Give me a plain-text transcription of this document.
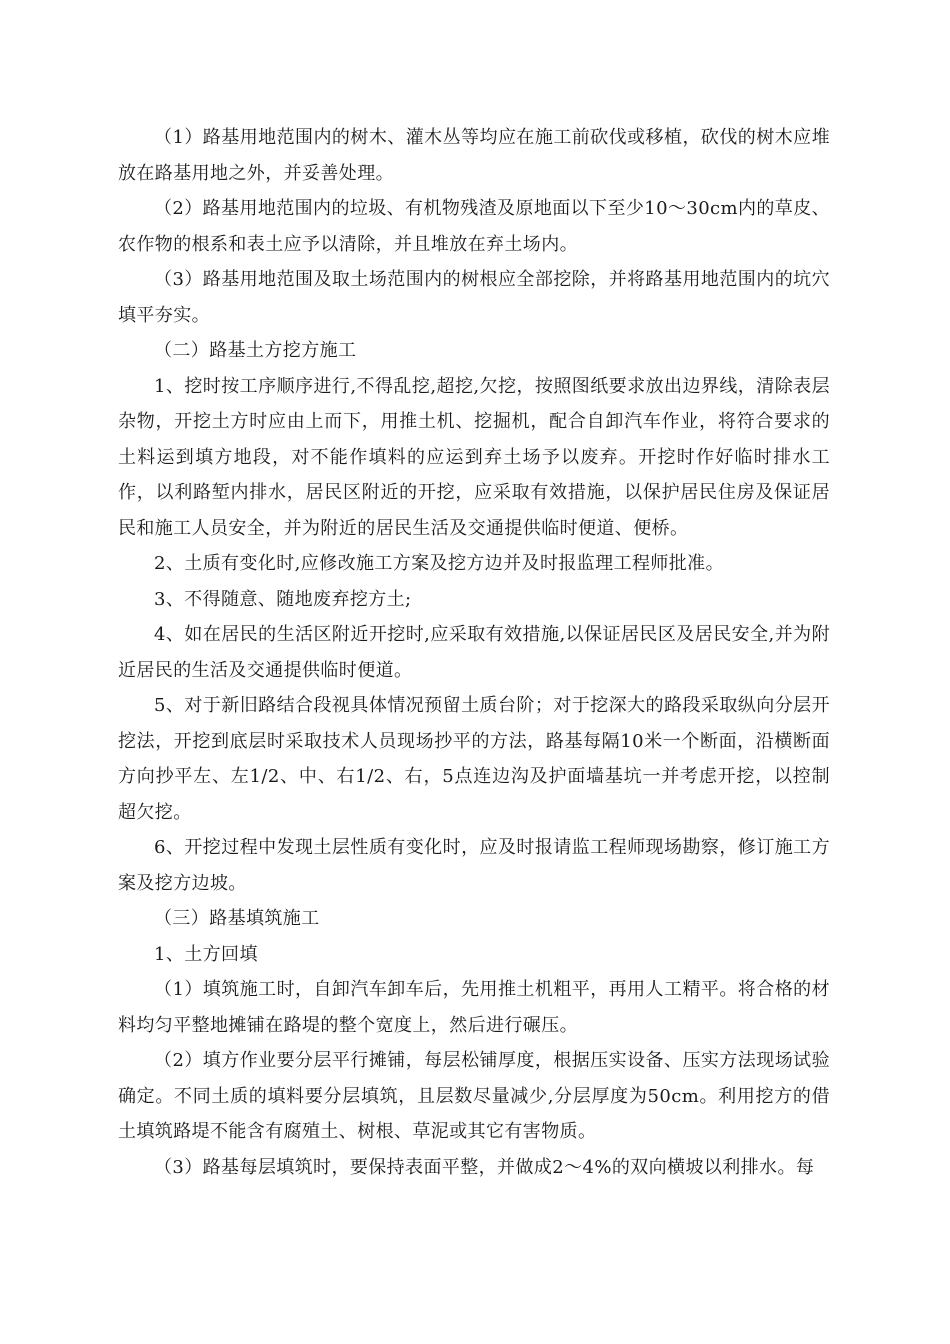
（1）路基用地范围内的树木、灌木丛等均应在施工前砍伐或移植，砍伐的树木应堆放在路基用地之外，并妥善处理。

（2）路基用地范围内的垃圾、有机物残渣及原地面以下至少10～30cm内的草皮、农作物的根系和表土应予以清除，并且堆放在弃土场内。

（3）路基用地范围及取土场范围内的树根应全部挖除，并将路基用地范围内的坑穴填平夯实。

（二）路基土方挖方施工

1、挖时按工序顺序进行,不得乱挖,超挖,欠挖，按照图纸要求放出边界线，清除表层杂物，开挖土方时应由上而下，用推土机、挖掘机，配合自卸汽车作业，将符合要求的土料运到填方地段，对不能作填料的应运到弃土场予以废弃。开挖时作好临时排水工作，以利路堑内排水，居民区附近的开挖，应采取有效措施，以保护居民住房及保证居民和施工人员安全，并为附近的居民生活及交通提供临时便道、便桥。

2、土质有变化时,应修改施工方案及挖方边并及时报监理工程师批准。

3、不得随意、随地废弃挖方土;

4、如在居民的生活区附近开挖时,应采取有效措施,以保证居民区及居民安全,并为附近居民的生活及交通提供临时便道。

5、对于新旧路结合段视具体情况预留土质台阶；对于挖深大的路段采取纵向分层开挖法，开挖到底层时采取技术人员现场抄平的方法，路基每隔10米一个断面，沿横断面方向抄平左、左1/2、中、右1/2、右，5点连边沟及护面墙基坑一并考虑开挖，以控制超欠挖。

6、开挖过程中发现土层性质有变化时，应及时报请监工程师现场勘察，修订施工方案及挖方边坡。

（三）路基填筑施工

1、土方回填

（1）填筑施工时，自卸汽车卸车后，先用推土机粗平，再用人工精平。将合格的材料均匀平整地摊铺在路堤的整个宽度上，然后进行碾压。

（2）填方作业要分层平行摊铺，每层松铺厚度，根据压实设备、压实方法现场试验确定。不同土质的填料要分层填筑，且层数尽量减少,分层厚度为50cm。利用挖方的借土填筑路堤不能含有腐殖土、树根、草泥或其它有害物质。

（3）路基每层填筑时，要保持表面平整，并做成2～4%的双向横坡以利排水。每
